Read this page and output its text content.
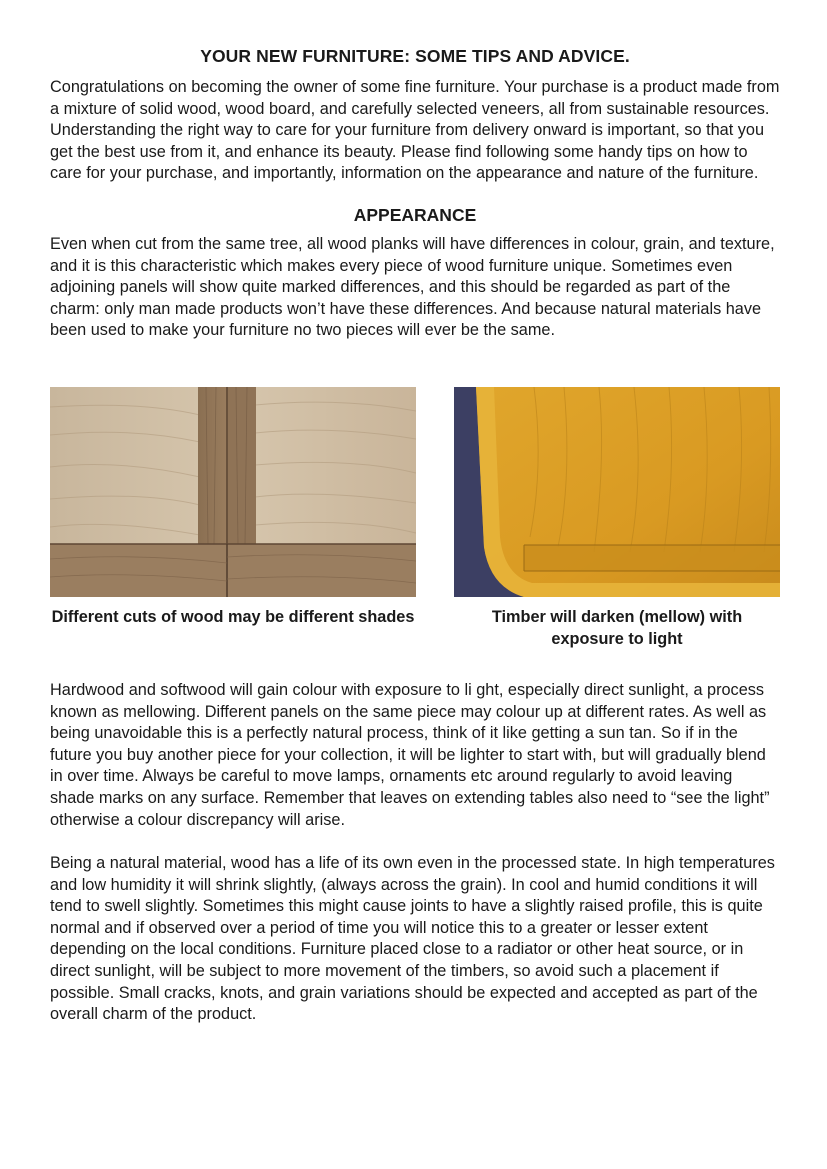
YOUR NEW FURNITURE: SOME TIPS AND ADVICE.

Congratulations on becoming the owner of some fine furniture. Your purchase is a product made from a mixture of solid wood, wood board, and carefully selected veneers, all from sustainable resources. Understanding the right way to care for your furniture from delivery onward is important, so that you get the best use from it, and enhance its beauty. Please find following some handy tips on how to care for your purchase, and importantly, information on the appearance and nature of the furniture.

APPEARANCE

Even when cut from the same tree, all wood planks will have differences in colour, grain, and texture, and it is this characteristic which makes every piece of wood furniture unique. Sometimes even adjoining panels will show quite marked differences, and this should be regarded as part of the charm: only man made products won’t have these differences. And because natural materials have been used to make your furniture no two pieces will ever be the same.

Different cuts of wood may be different shades	Timber will darken (mellow) with exposure to light

Hardwood and softwood will gain colour with exposure to li ght, especially direct sunlight, a process known as mellowing. Different panels on the same piece may colour up at different rates. As well as being unavoidable this is a perfectly natural process, think of it like getting a sun tan. So if in the future you buy another piece for your collection, it will be lighter to start with, but will gradually blend in over time. Always be careful to move lamps, ornaments etc around regularly to avoid leaving shade marks on any surface. Remember that leaves on extending tables also need to “see the light” otherwise a colour discrepancy will arise.

Being a natural material, wood has a life of its own even in the processed state. In high temperatures and low humidity it will shrink slightly, (always across the grain). In cool and humid conditions it will tend to swell slightly. Sometimes this might cause joints to have a slightly raised profile, this is quite normal and if observed over a period of time you will notice this to a greater or lesser extent depending on the local conditions. Furniture placed close to a radiator or other heat source, or in direct sunlight, will be subject to more movement of the timbers, so avoid such a placement if possible. Small cracks, knots, and grain variations should be expected and accepted as part of the overall charm of the product.
